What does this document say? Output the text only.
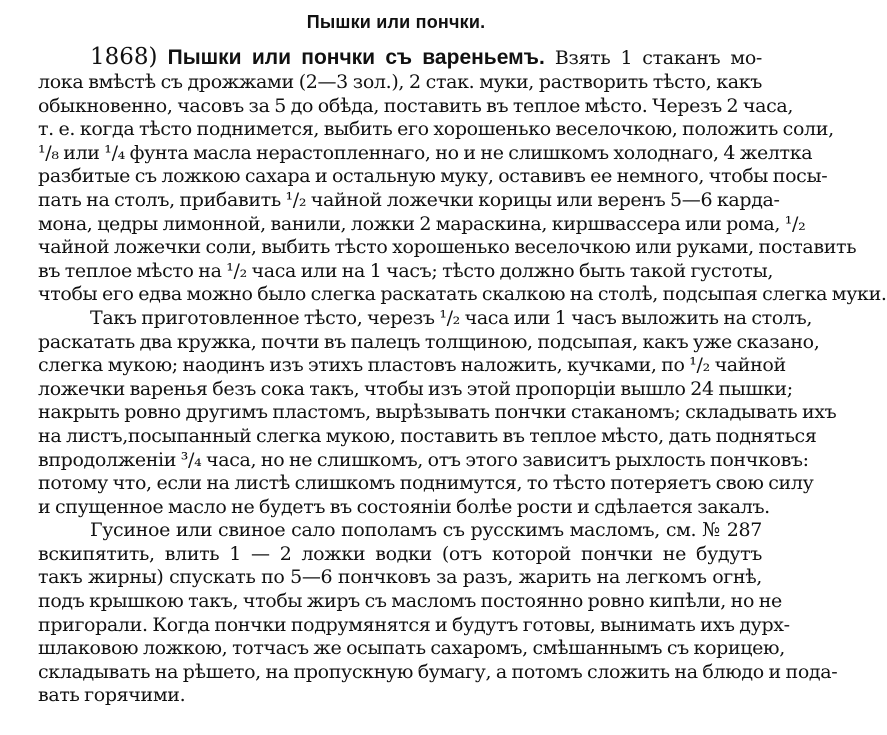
Пышки или пончки.
1868) Пышки или пончки съ вареньемъ. Взять 1 стаканъ мо-
лока вмѣстѣ съ дрожжами (2—3 зол.), 2 стак. муки, растворить тѣсто, какъ
обыкновенно, часовъ за 5 до обѣда, поставить въ теплое мѣсто. Черезъ 2 часа,
т. е. когда тѣсто поднимется, выбить его хорошенько веселочкою, положить соли,
¹/₈ или ¹/₄ фунта масла нерастопленнаго, но и не слишкомъ холоднаго, 4 желтка
разбитые съ ложкою сахара и остальную муку, оставивъ ее немного, чтобы посы-
пать на столъ, прибавить ¹/₂ чайной ложечки корицы или веренъ 5—6 кардa-
мона, цедры лимонной, ванили, ложки 2 мараскина, киршвассера или рома, ¹/₂
чайной ложечки соли, выбить тѣсто хорошенько веселочкою или руками, поставить
въ теплое мѣсто на ¹/₂ часа или на 1 часъ; тѣсто должно быть такой густоты,
чтобы его едва можно было слегка раскатать скалкою на столѣ, подсыпая слегка муки.
Такъ приготовленное тѣсто, черезъ ¹/₂ часа или 1 часъ выложить на столъ,
раскатать два кружка, почти въ палецъ толщиною, подсыпая, какъ уже сказано,
слегка мукою; наодинъ изъ этихъ пластовъ наложить, кучками, по ¹/₂ чайной
ложечки варенья безъ сока такъ, чтобы изъ этой пропорціи вышло 24 пышки;
накрыть ровно другимъ пластомъ, вырѣзывать пончки стаканомъ; складывать ихъ
на листъ,посыпанный слегка мукою, поставить въ теплое мѣсто, дать подняться
впродолженіи ³/₄ часа, но не слишкомъ, отъ этого зависитъ рыхлость пончковъ:
потому что, если на листѣ слишкомъ поднимутся, то тѣсто потеряетъ свою силу
и спущенное масло не будетъ въ состояніи болѣе рости и сдѣлается закалъ.
Гусиное или свиное сало пополамъ съ русскимъ масломъ, см. № 287
вскипятить, влить 1 — 2 ложки водки (отъ которой пончки не будутъ
такъ жирны) спускать по 5—6 пончковъ за разъ, жарить на легкомъ огнѣ,
подъ крышкою такъ, чтобы жиръ съ масломъ постоянно ровно кипѣли, но не
пригорали. Когда пончки подрумянятся и будутъ готовы, вынимать ихъ дурх-
шлаковою ложкою, тотчасъ же осыпать сахаромъ, смѣшаннымъ съ корицею,
складывать на рѣшето, на пропускную бумагу, а потомъ сложить на блюдо и пода-
вать горячими.
